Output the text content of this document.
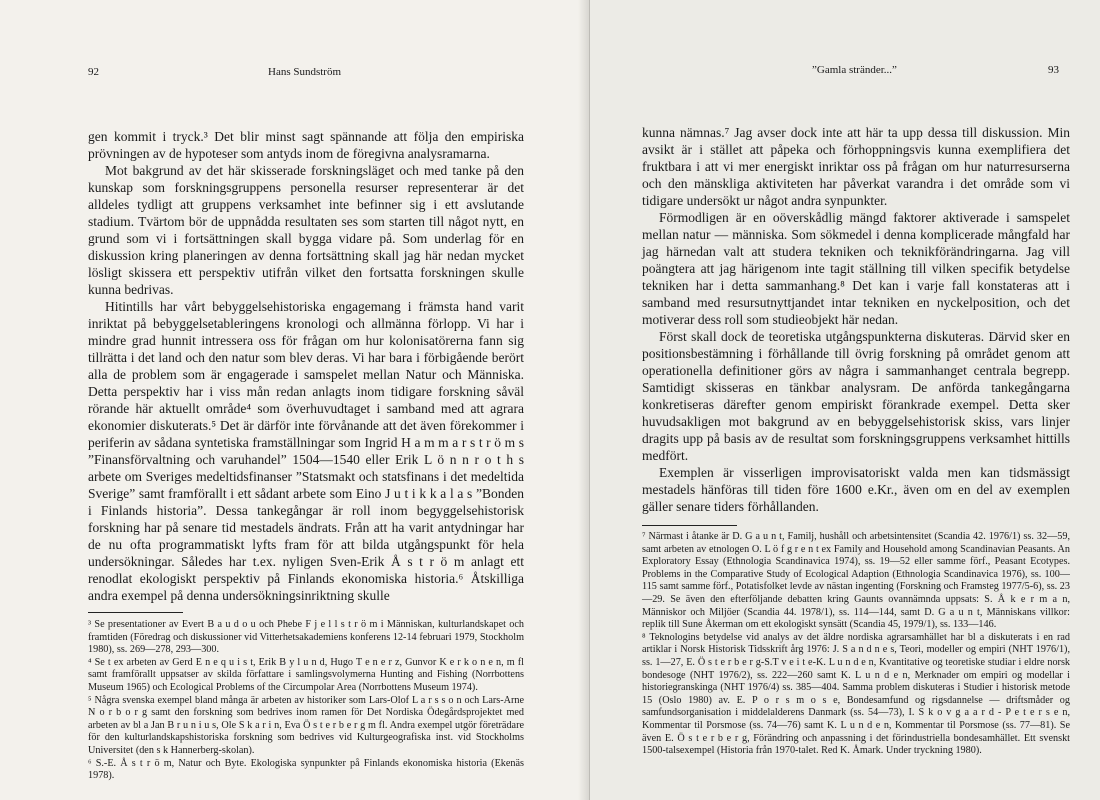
92	Hans Sundström

gen kommit i tryck.³ Det blir minst sagt spännande att följa den empiriska prövningen av de hypoteser som antyds inom de föregivna analysramarna.

Mot bakgrund av det här skisserade forskningsläget och med tanke på den kunskap som forskningsgruppens personella resurser representerar är det alldeles tydligt att gruppens verksamhet inte befinner sig i ett avslutande stadium. Tvärtom bör de uppnådda resultaten ses som starten till något nytt, en grund som vi i fortsättningen skall bygga vidare på. Som underlag för en diskussion kring planeringen av denna fortsättning skall jag här nedan mycket lösligt skissera ett perspektiv utifrån vilket den fortsatta forskningen skulle kunna bedrivas.

Hitintills har vårt bebyggelsehistoriska engagemang i främsta hand varit inriktat på bebyggelsetableringens kronologi och allmänna förlopp. Vi har i mindre grad hunnit intressera oss för frågan om hur kolonisatörerna fann sig tillrätta i det land och den natur som blev deras. Vi har bara i förbigående berört alla de problem som är engagerade i samspelet mellan Natur och Människa. Detta perspektiv har i viss mån redan anlagts inom tidigare forskning såväl rörande här aktuellt område⁴ som överhuvudtaget i samband med att agrara ekonomier diskuterats.⁵ Det är därför inte förvånande att det även förekommer i periferin av sådana syntetiska framställningar som Ingrid H a m m a r s t r ö m s ”Finansförvaltning och varuhandel” 1504—1540 eller Erik L ö n n r o t h s arbete om Sveriges medeltidsfinanser ”Statsmakt och statsfinans i det medeltida Sverige” samt framförallt i ett sådant arbete som Eino J u t i k k a l a s ”Bonden i Finlands historia”. Dessa tankegångar är roll inom begyggelsehistorisk forskning har på senare tid mestadels ändrats. Från att ha varit antydningar har de nu ofta programmatiskt lyfts fram för att bilda utgångspunkt för hela undersökningar. Således har t.ex. nyligen Sven-Erik Å s t r ö m anlagt ett renodlat ekologiskt perspektiv på Finlands ekonomiska historia.⁶ Åtskilliga andra exempel på denna undersökningsinriktning skulle

³ Se presentationer av Evert B a u d o u och Phebe F j e l l s t r ö m i Människan, kulturlandskapet och framtiden (Föredrag och diskussioner vid Vitterhetsakademiens konferens 12-14 februari 1979, Stockholm 1980), ss. 269—278, 293—300.

⁴ Se t ex arbeten av Gerd E n e q u i s t, Erik B y l u n d, Hugo T e n e r z, Gunvor K e r k o n e n, m fl samt framförallt uppsatser av skilda författare i samlingsvolymerna Hunting and Fishing (Norrbottens Museum 1965) och Ecological Problems of the Circumpolar Area (Norrbottens Museum 1974).

⁵ Några svenska exempel bland många är arbeten av historiker som Lars-Olof L a r s s o n och Lars-Arne N o r b o r g samt den forskning som bedrives inom ramen för Det Nordiska Ödegårdsprojektet med arbeten av bl a Jan B r u n i u s, Ole S k a r i n, Eva Ö s t e r b e r g m fl. Andra exempel utgör företrädare för den kulturlandskapshistoriska forskning som bedrives vid Kulturgeografiska inst. vid Stockholms Universitet (den s k Hannerberg-skolan).

⁶ S.-E. Å s t r ö m, Natur och Byte. Ekologiska synpunkter på Finlands ekonomiska historia (Ekenäs 1978).

”Gamla stränder...”	93

kunna nämnas.⁷ Jag avser dock inte att här ta upp dessa till diskussion. Min avsikt är i stället att påpeka och förhoppningsvis kunna exemplifiera det fruktbara i att vi mer energiskt inriktar oss på frågan om hur naturresurserna och den mänskliga aktiviteten har påverkat varandra i det område som vi tidigare undersökt ur något andra synpunkter.

Förmodligen är en oöverskådlig mängd faktorer aktiverade i samspelet mellan natur — människa. Som sökmedel i denna komplicerade mångfald har jag härnedan valt att studera tekniken och teknikförändringarna. Jag vill poängtera att jag härigenom inte tagit ställning till vilken specifik betydelse tekniken har i detta sammanhang.⁸ Det kan i varje fall konstateras att i samband med resursutnyttjandet intar tekniken en nyckelposition, och det motiverar dess roll som studieobjekt här nedan.

Först skall dock de teoretiska utgångspunkterna diskuteras. Därvid sker en positionsbestämning i förhållande till övrig forskning på området genom att operationella definitioner görs av några i sammanhanget centrala begrepp. Samtidigt skisseras en tänkbar analysram. De anförda tankegångarna konkretiseras därefter genom empiriskt förankrade exempel. Detta sker huvudsakligen mot bakgrund av en bebyggelsehistorisk skiss, vars linjer dragits upp på basis av de resultat som forskningsgruppens verksamhet hittills medfört.

Exemplen är visserligen improvisatoriskt valda men kan tidsmässigt mestadels hänföras till tiden före 1600 e.Kr., även om en del av exemplen gäller senare tiders förhållanden.

⁷ Närmast i åtanke är D. G a u n t, Familj, hushåll och arbetsintensitet (Scandia 42. 1976/1) ss. 32—59, samt arbeten av etnologen O. L ö f g r e n t ex Family and Household among Scandinavian Peasants. An Exploratory Essay (Ethnologia Scandinavica 1974), ss. 19—52 eller samme förf., Peasant Ecotypes. Problems in the Comparative Study of Ecological Adaption (Ethnologia Scandinavica 1976), ss. 100—115 samt samme förf., Potatisfolket levde av nästan ingenting (Forskning och Framsteg 1977/5-6), ss. 23—29. Se även den efterföljande debatten kring Gaunts ovannämnda uppsats: S. Å k e r m a n, Människor och Miljöer (Scandia 44. 1978/1), ss. 114—144, samt D. G a u n t, Människans villkor: replik till Sune Åkerman om ett ekologiskt synsätt (Scandia 45, 1979/1), ss. 133—146.

⁸ Teknologins betydelse vid analys av det äldre nordiska agrarsamhället har bl a diskuterats i en rad artiklar i Norsk Historisk Tidsskrift årg 1976: J. S a n d n e s, Teori, modeller og empiri (NHT 1976/1), ss. 1—27, E. Ö s t e r b e r g-S.T v e i t e-K. L u n d e n, Kvantitative og teoretiske studiar i eldre norsk bondesoge (NHT 1976/2), ss. 222—260 samt K. L u n d e n, Merknader om empiri og modellar i historiegranskinga (NHT 1976/4) ss. 385—404. Samma problem diskuteras i Studier i historisk metode 15 (Oslo 1980) av. E. P o r s m o s e, Bondesamfund og rigsdannelse — driftsmåder og samfundsorganisation i middelalderens Danmark (ss. 54—73), I. S k o v g a a r d - P e t e r s e n, Kommentar til Porsmose (ss. 74—76) samt K. L u n d e n, Kommentar til Porsmose (ss. 77—81). Se även E. Ö s t e r b e r g, Förändring och anpassning i det förindustriella bondesamhället. Ett svenskt 1500-talsexempel (Historia från 1970-talet. Red K. Åmark. Under tryckning 1980).
